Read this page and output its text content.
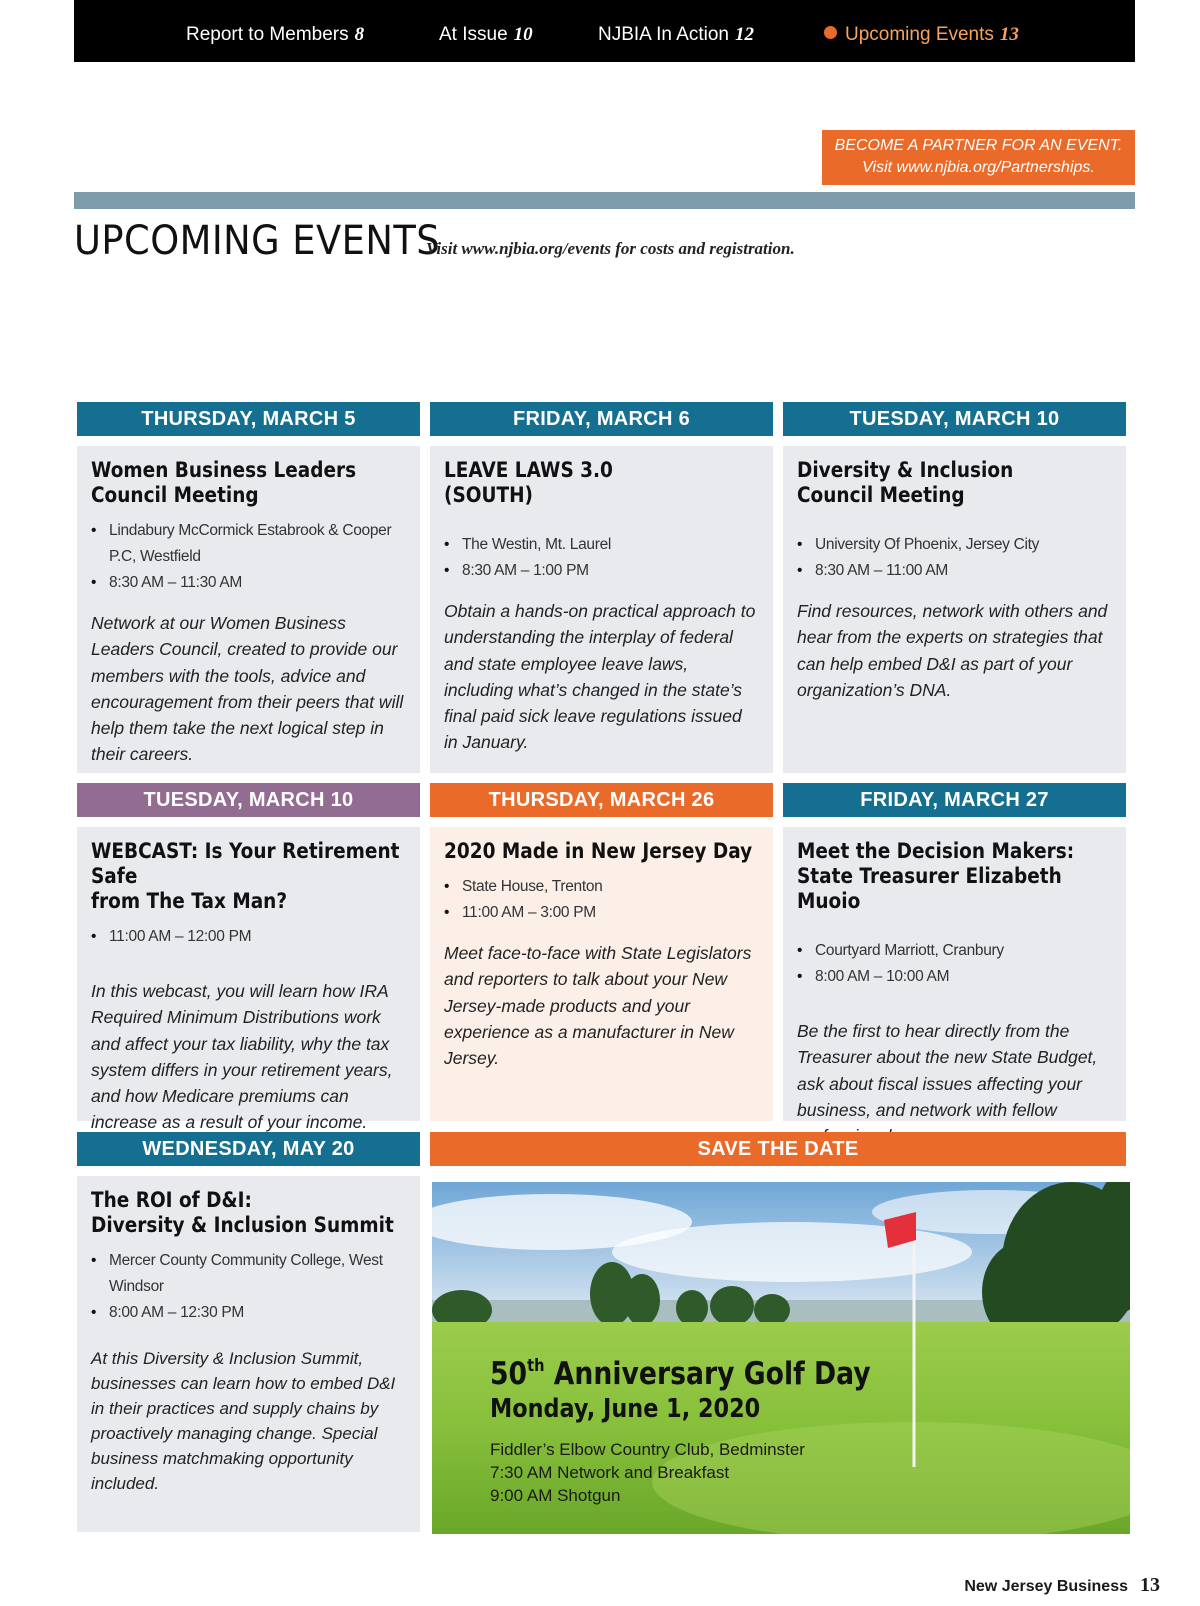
Report to Members 8	At Issue 10	NJBIA In Action 12	Upcoming Events 13
BECOME A PARTNER FOR AN EVENT.
Visit www.njbia.org/Partnerships.
UPCOMING EVENTS
Visit www.njbia.org/events for costs and registration.
THURSDAY, MARCH 5
Women Business Leaders
Council Meeting
• Lindabury McCormick Estabrook & Cooper P.C, Westfield
• 8:30 AM – 11:30 AM

Network at our Women Business Leaders Council, created to provide our members with the tools, advice and encouragement from their peers that will help them take the next logical step in their careers.

FRIDAY, MARCH 6
LEAVE LAWS 3.0
(SOUTH)
• The Westin, Mt. Laurel
• 8:30 AM – 1:00 PM

Obtain a hands-on practical approach to understanding the interplay of federal and state employee leave laws, including what’s changed in the state’s final paid sick leave regulations issued in January.

TUESDAY, MARCH 10
Diversity & Inclusion
Council Meeting
• University Of Phoenix, Jersey City
• 8:30 AM – 11:00 AM

Find resources, network with others and hear from the experts on strategies that can help embed D&I as part of your organization’s DNA.

TUESDAY, MARCH 10
WEBCAST: Is Your Retirement Safe
from The Tax Man?
• 11:00 AM – 12:00 PM

In this webcast, you will learn how IRA Required Minimum Distributions work and affect your tax liability, why the tax system differs in your retirement years, and how Medicare premiums can increase as a result of your income.

THURSDAY, MARCH 26
2020 Made in New Jersey Day
• State House, Trenton
• 11:00 AM – 3:00 PM

Meet face-to-face with State Legislators and reporters to talk about your New Jersey-made products and your experience as a manufacturer in New Jersey.

FRIDAY, MARCH 27
Meet the Decision Makers:
State Treasurer Elizabeth Muoio
• Courtyard Marriott, Cranbury
• 8:00 AM – 10:00 AM

Be the first to hear directly from the Treasurer about the new State Budget, ask about fiscal issues affecting your business, and network with fellow

WEDNESDAY, MAY 20
The ROI of D&I:
Diversity & Inclusion Summit
• Mercer County Community College, West Windsor
• 8:00 AM – 12:30 PM

At this Diversity & Inclusion Summit, businesses can learn how to embed D&I in their practices and supply chains by proactively managing change. Special business matchmaking opportunity included.

SAVE THE DATE
50th Anniversary Golf Day
Monday, June 1, 2020
Fiddler’s Elbow Country Club, Bedminster
7:30 AM Network and Breakfast
9:00 AM Shotgun
New Jersey Business 13
